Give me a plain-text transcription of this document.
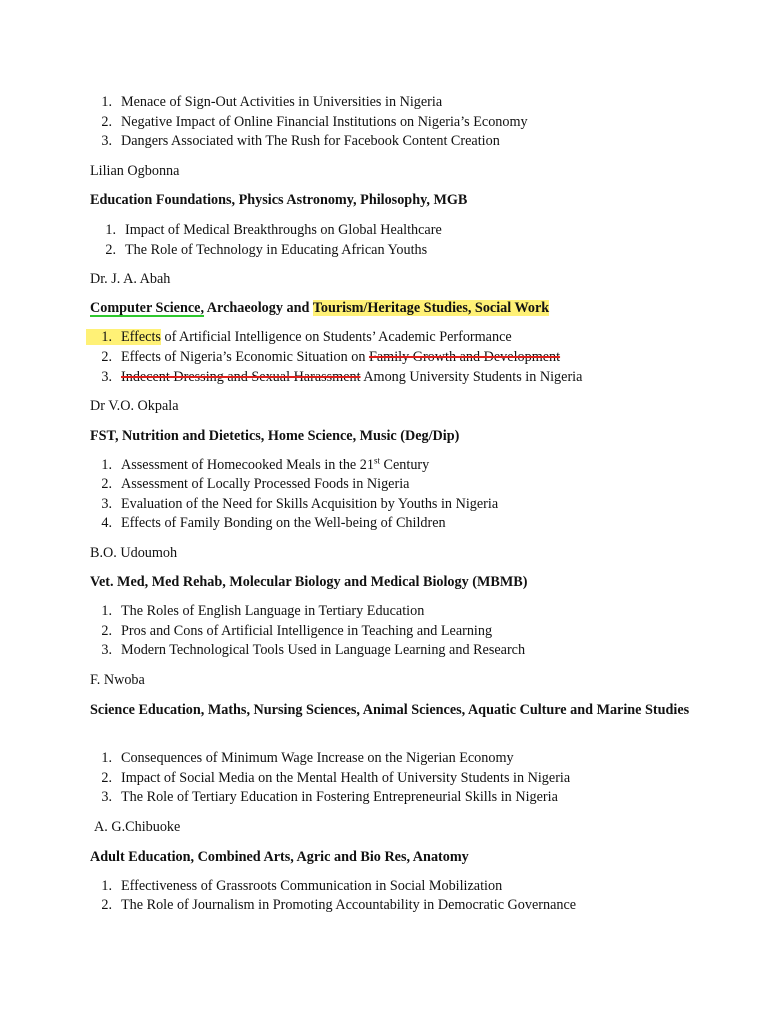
1. Menace of Sign-Out Activities in Universities in Nigeria
2. Negative Impact of Online Financial Institutions on Nigeria’s Economy
3. Dangers Associated with The Rush for Facebook Content Creation
Lilian Ogbonna
Education Foundations, Physics Astronomy, Philosophy, MGB
1. Impact of Medical Breakthroughs on Global Healthcare
2. The Role of Technology in Educating African Youths
Dr. J. A. Abah
Computer Science, Archaeology and Tourism/Heritage Studies, Social Work
1. Effects of Artificial Intelligence on Students’ Academic Performance
2. Effects of Nigeria’s Economic Situation on Family Growth and Development
3. Indecent Dressing and Sexual Harassment Among University Students in Nigeria
Dr V.O. Okpala
FST, Nutrition and Dietetics, Home Science, Music (Deg/Dip)
1. Assessment of Homecooked Meals in the 21st Century
2. Assessment of Locally Processed Foods in Nigeria
3. Evaluation of the Need for Skills Acquisition by Youths in Nigeria
4. Effects of Family Bonding on the Well-being of Children
B.O. Udoumoh
Vet. Med, Med Rehab, Molecular Biology and Medical Biology (MBMB)
1. The Roles of English Language in Tertiary Education
2. Pros and Cons of Artificial Intelligence in Teaching and Learning
3. Modern Technological Tools Used in Language Learning and Research
F. Nwoba
Science Education, Maths, Nursing Sciences, Animal Sciences, Aquatic Culture and Marine Studies
1. Consequences of Minimum Wage Increase on the Nigerian Economy
2. Impact of Social Media on the Mental Health of University Students in Nigeria
3. The Role of Tertiary Education in Fostering Entrepreneurial Skills in Nigeria
A. G.Chibuoke
Adult Education, Combined Arts, Agric and Bio Res, Anatomy
1. Effectiveness of Grassroots Communication in Social Mobilization
2. The Role of Journalism in Promoting Accountability in Democratic Governance
